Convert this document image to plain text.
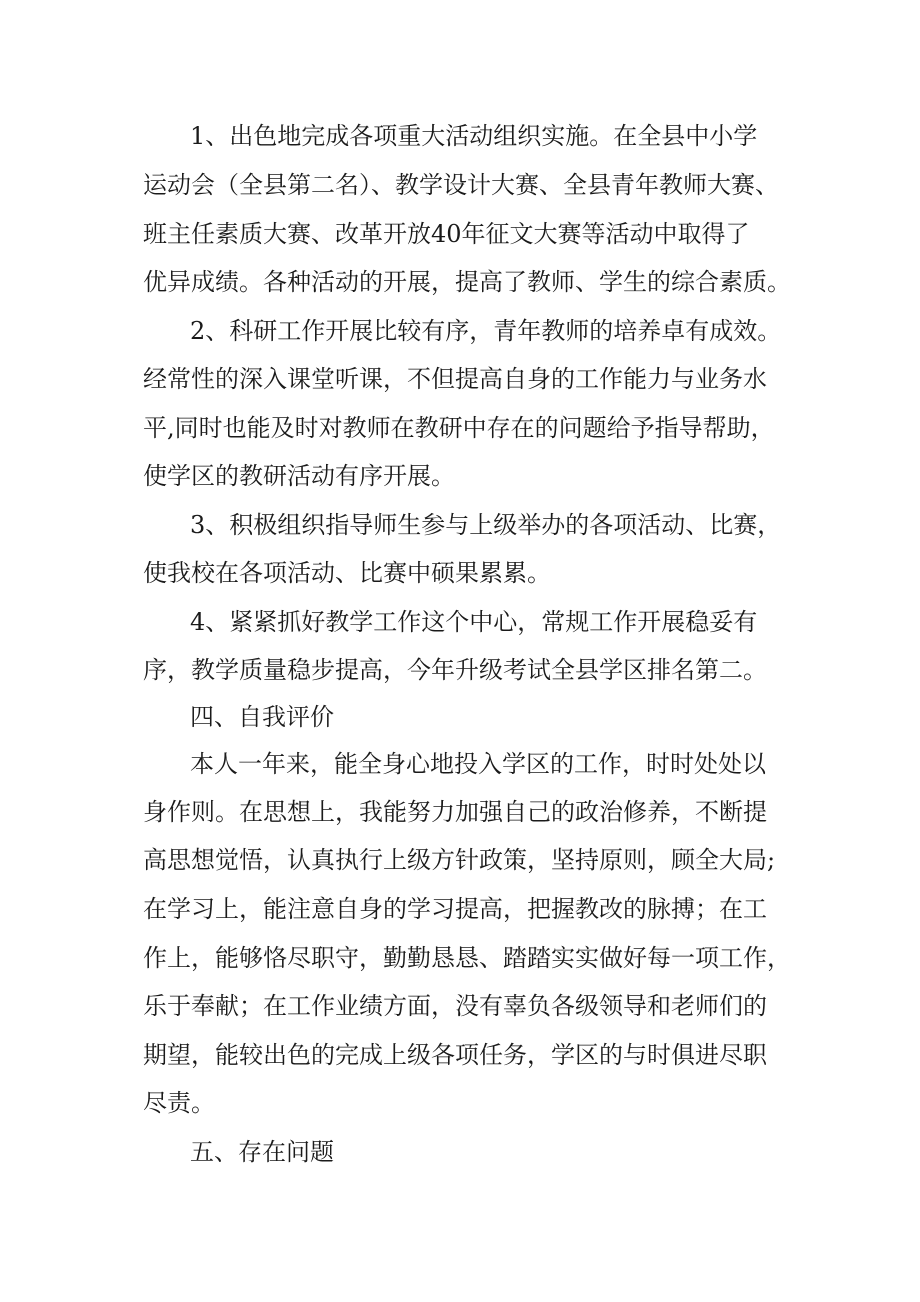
1、出色地完成各项重大活动组织实施。在全县中小学
运动会（全县第二名）、教学设计大赛、全县青年教师大赛、
班主任素质大赛、改革开放40年征文大赛等活动中取得了
优异成绩。各种活动的开展，提高了教师、学生的综合素质。
2、科研工作开展比较有序，青年教师的培养卓有成效。
经常性的深入课堂听课，不但提高自身的工作能力与业务水
平,同时也能及时对教师在教研中存在的问题给予指导帮助，
使学区的教研活动有序开展。
3、积极组织指导师生参与上级举办的各项活动、比赛，
使我校在各项活动、比赛中硕果累累。
4、紧紧抓好教学工作这个中心，常规工作开展稳妥有
序，教学质量稳步提高，今年升级考试全县学区排名第二。
四、自我评价
本人一年来，能全身心地投入学区的工作，时时处处以
身作则。在思想上，我能努力加强自己的政治修养，不断提
高思想觉悟，认真执行上级方针政策，坚持原则，顾全大局;
在学习上，能注意自身的学习提高，把握教改的脉搏；在工
作上，能够恪尽职守，勤勤恳恳、踏踏实实做好每一项工作，
乐于奉献；在工作业绩方面，没有辜负各级领导和老师们的
期望，能较出色的完成上级各项任务，学区的与时俱进尽职
尽责。
五、存在问题
